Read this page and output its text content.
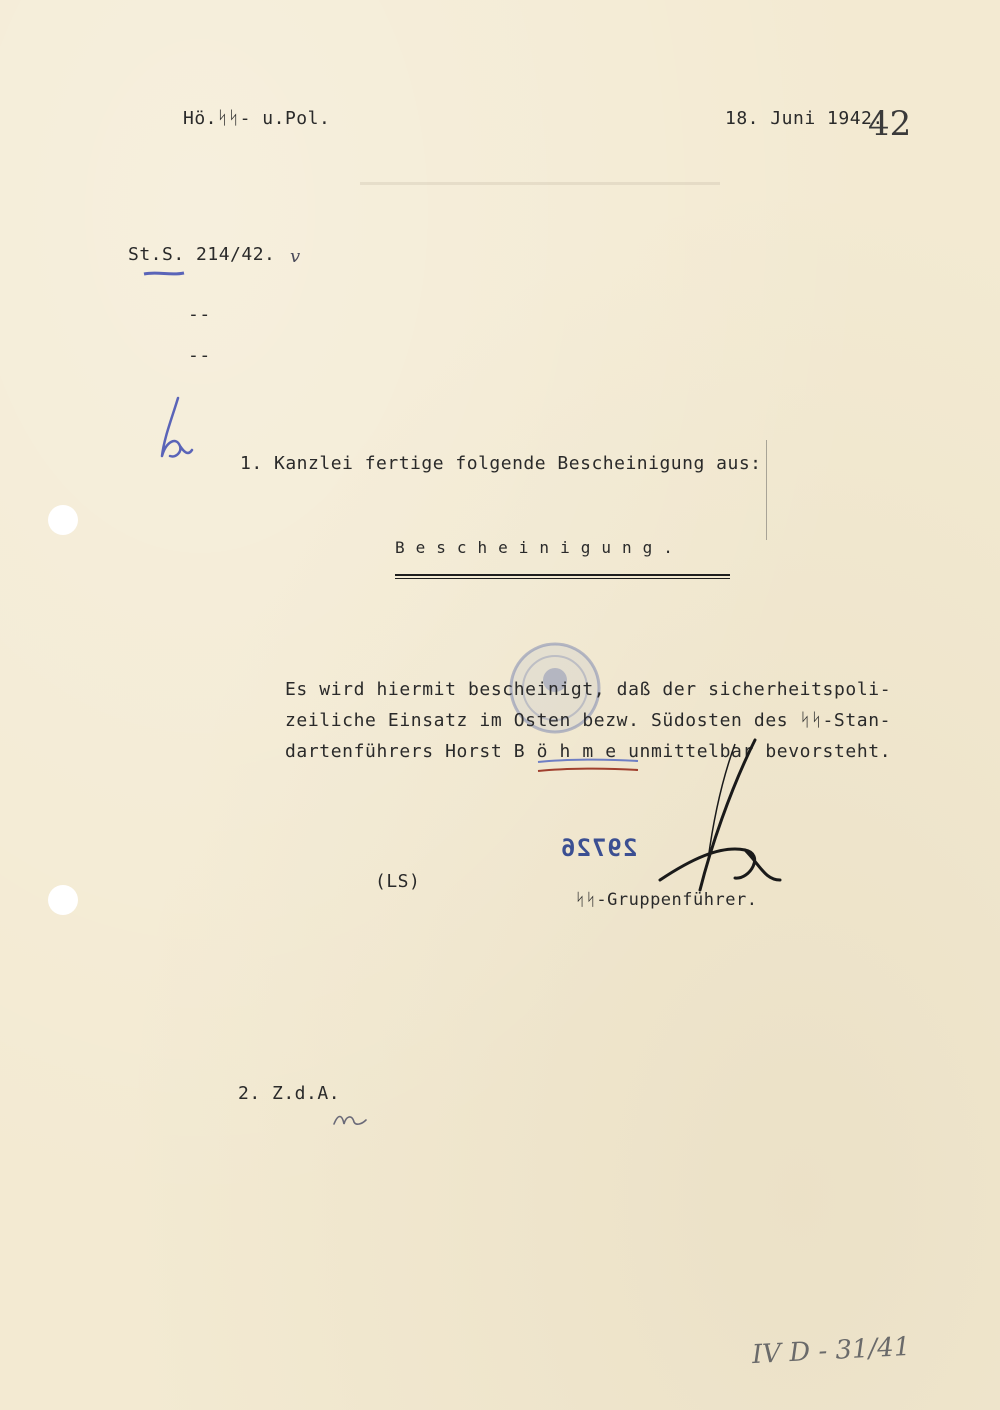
Hö.ᛋᛋ- u.Pol.	18. Juni 1942.
42
St.S. 214/42. v
--
--
1. Kanzlei fertige folgende Bescheinigung aus:
Bescheinigung.
Es wird hiermit bescheinigt, daß der sicherheitspoli-
zeiliche Einsatz im Osten bezw. Südosten des ᛋᛋ-Stan-
dartenführers Horst B ö h m e unmittelbar bevorsteht.
29726
(LS)
ᛋᛋ-Gruppenführer.
2. Z.d.A.
IV D - 31/41
